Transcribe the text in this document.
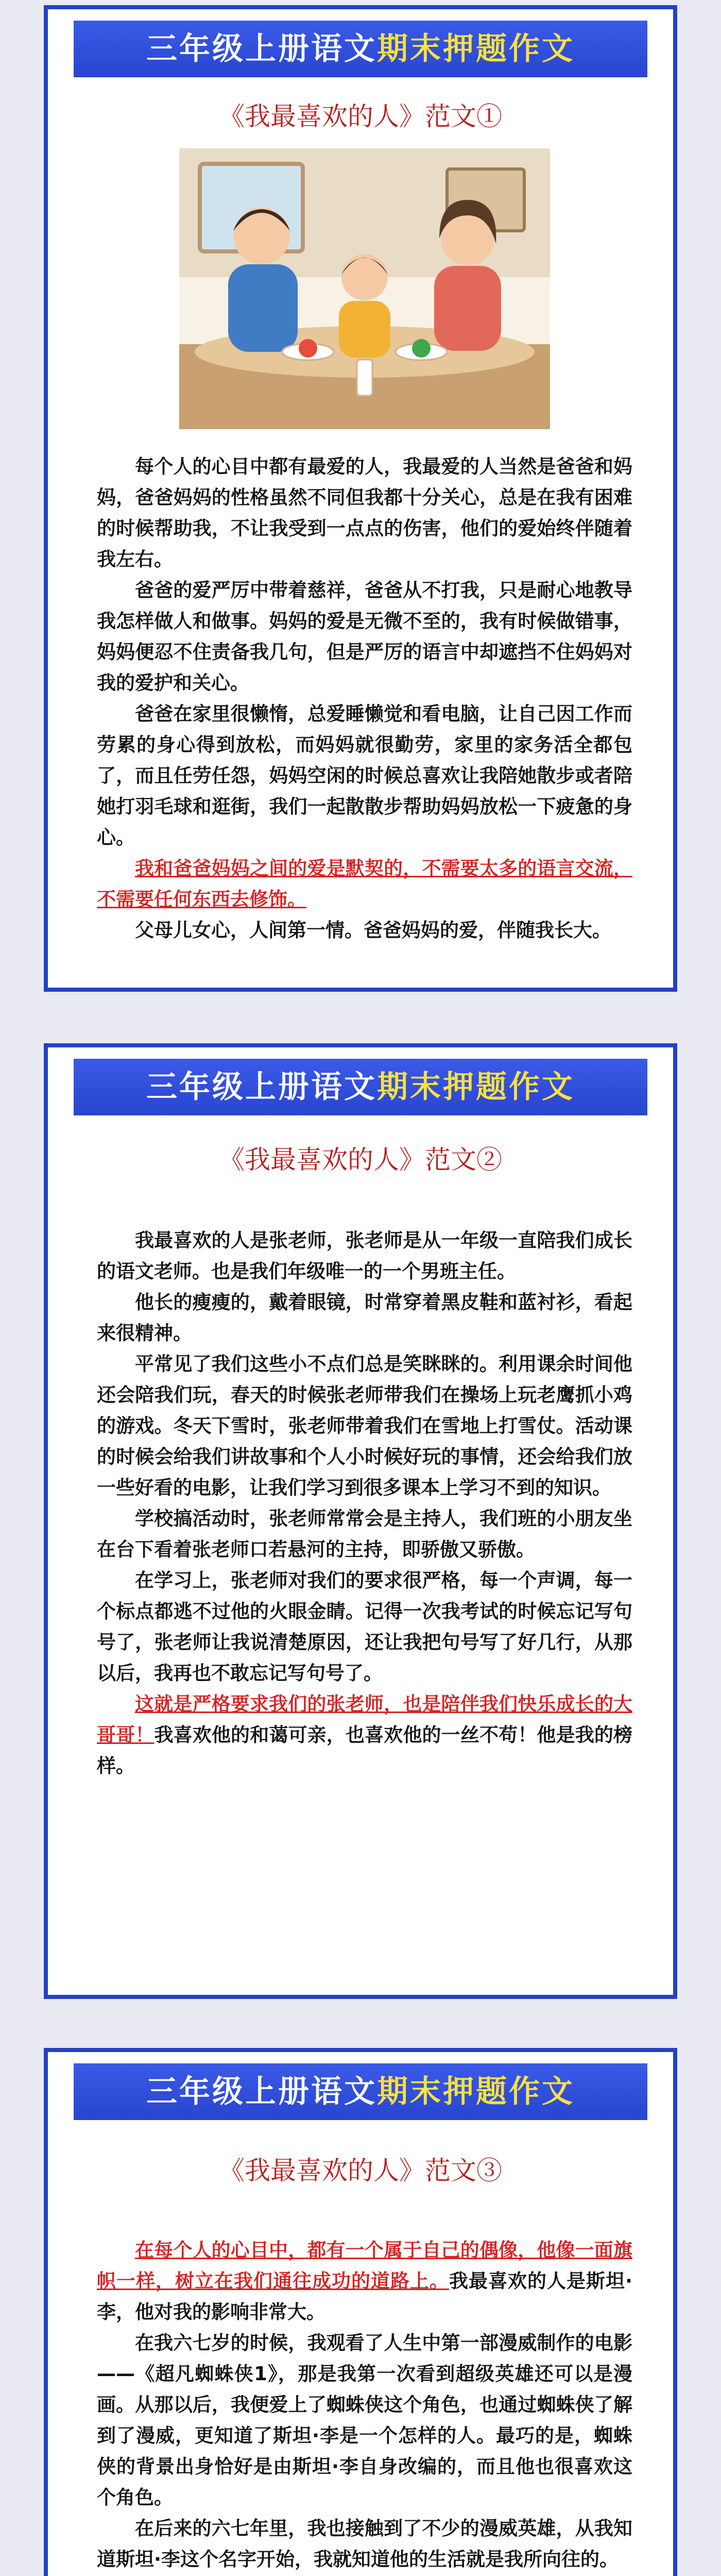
三年级上册语文期末押题作文
《我最喜欢的人》范文①

每个人的心目中都有最爱的人，我最爱的人当然是爸爸和妈妈，爸爸妈妈的性格虽然不同但我都十分关心，总是在我有困难的时候帮助我，不让我受到一点点的伤害，他们的爱始终伴随着我左右。

爸爸的爱严厉中带着慈祥，爸爸从不打我，只是耐心地教导我怎样做人和做事。妈妈的爱是无微不至的，我有时候做错事，妈妈便忍不住责备我几句，但是严厉的语言中却遮挡不住妈妈对我的爱护和关心。

爸爸在家里很懒惰，总爱睡懒觉和看电脑，让自己因工作而劳累的身心得到放松，而妈妈就很勤劳，家里的家务活全都包了，而且任劳任怨，妈妈空闲的时候总喜欢让我陪她散步或者陪她打羽毛球和逛街，我们一起散散步帮助妈妈放松一下疲惫的身心。

我和爸爸妈妈之间的爱是默契的，不需要太多的语言交流，不需要任何东西去修饰。

父母儿女心，人间第一情。爸爸妈妈的爱，伴随我长大。

三年级上册语文期末押题作文
《我最喜欢的人》范文②

我最喜欢的人是张老师，张老师是从一年级一直陪我们成长的语文老师。也是我们年级唯一的一个男班主任。

他长的瘦瘦的，戴着眼镜，时常穿着黑皮鞋和蓝衬衫，看起来很精神。

平常见了我们这些小不点们总是笑眯眯的。利用课余时间他还会陪我们玩，春天的时候张老师带我们在操场上玩老鹰抓小鸡的游戏。冬天下雪时，张老师带着我们在雪地上打雪仗。活动课的时候会给我们讲故事和个人小时候好玩的事情，还会给我们放一些好看的电影，让我们学习到很多课本上学习不到的知识。

学校搞活动时，张老师常常会是主持人，我们班的小朋友坐在台下看着张老师口若悬河的主持，即骄傲又骄傲。

在学习上，张老师对我们的要求很严格，每一个声调，每一个标点都逃不过他的火眼金睛。记得一次我考试的时候忘记写句号了，张老师让我说清楚原因，还让我把句号写了好几行，从那以后，我再也不敢忘记写句号了。

这就是严格要求我们的张老师，也是陪伴我们快乐成长的大哥哥！我喜欢他的和蔼可亲，也喜欢他的一丝不苟！他是我的榜样。

三年级上册语文期末押题作文
《我最喜欢的人》范文③

在每个人的心目中，都有一个属于自己的偶像，他像一面旗帜一样，树立在我们通往成功的道路上。我最喜欢的人是斯坦·李，他对我的影响非常大。

在我六七岁的时候，我观看了人生中第一部漫威制作的电影——《超凡蜘蛛侠1》，那是我第一次看到超级英雄还可以是漫画。从那以后，我便爱上了蜘蛛侠这个角色，也通过蜘蛛侠了解到了漫威，更知道了斯坦·李是一个怎样的人。最巧的是，蜘蛛侠的背景出身恰好是由斯坦·李自身改编的，而且他也很喜欢这个角色。

在后来的六七年里，我也接触到了不少的漫威英雄，从我知道斯坦·李这个名字开始，我就知道他的生活就是我所向往的。
